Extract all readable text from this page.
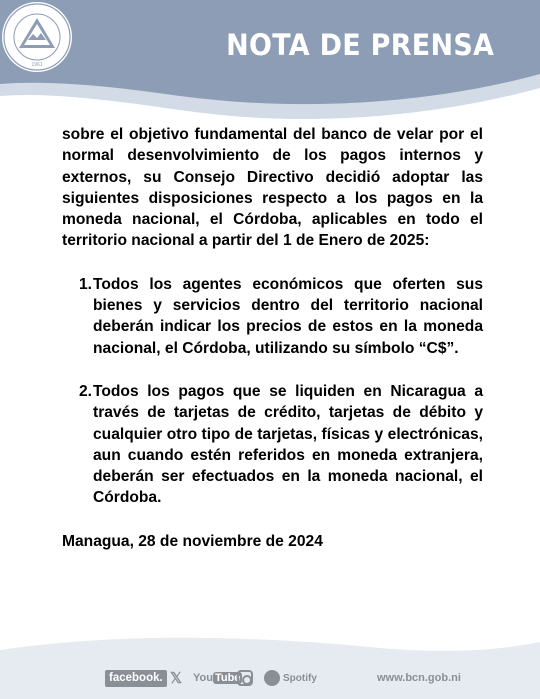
1961
NOTA DE PRENSA

sobre el objetivo fundamental del banco de velar por el normal desenvolvimiento de los pagos internos y externos, su Consejo Directivo decidió adoptar las siguientes disposiciones respecto a los pagos en la moneda nacional, el Córdoba, aplicables en todo el territorio nacional a partir del 1 de Enero de 2025:

1. Todos los agentes económicos que oferten sus bienes y servicios dentro del territorio nacional deberán indicar los precios de estos en la moneda nacional, el Córdoba, utilizando su símbolo “C$”.
2. Todos los pagos que se liquiden en Nicaragua a través de tarjetas de crédito, tarjetas de débito y cualquier otro tipo de tarjetas, físicas y electrónicas, aun cuando estén referidos en moneda extranjera, deberán ser efectuados en la moneda nacional, el Córdoba.

Managua, 28 de noviembre de 2024

facebook. 𝕏 You Tube	Spotify	www.bcn.gob.ni
